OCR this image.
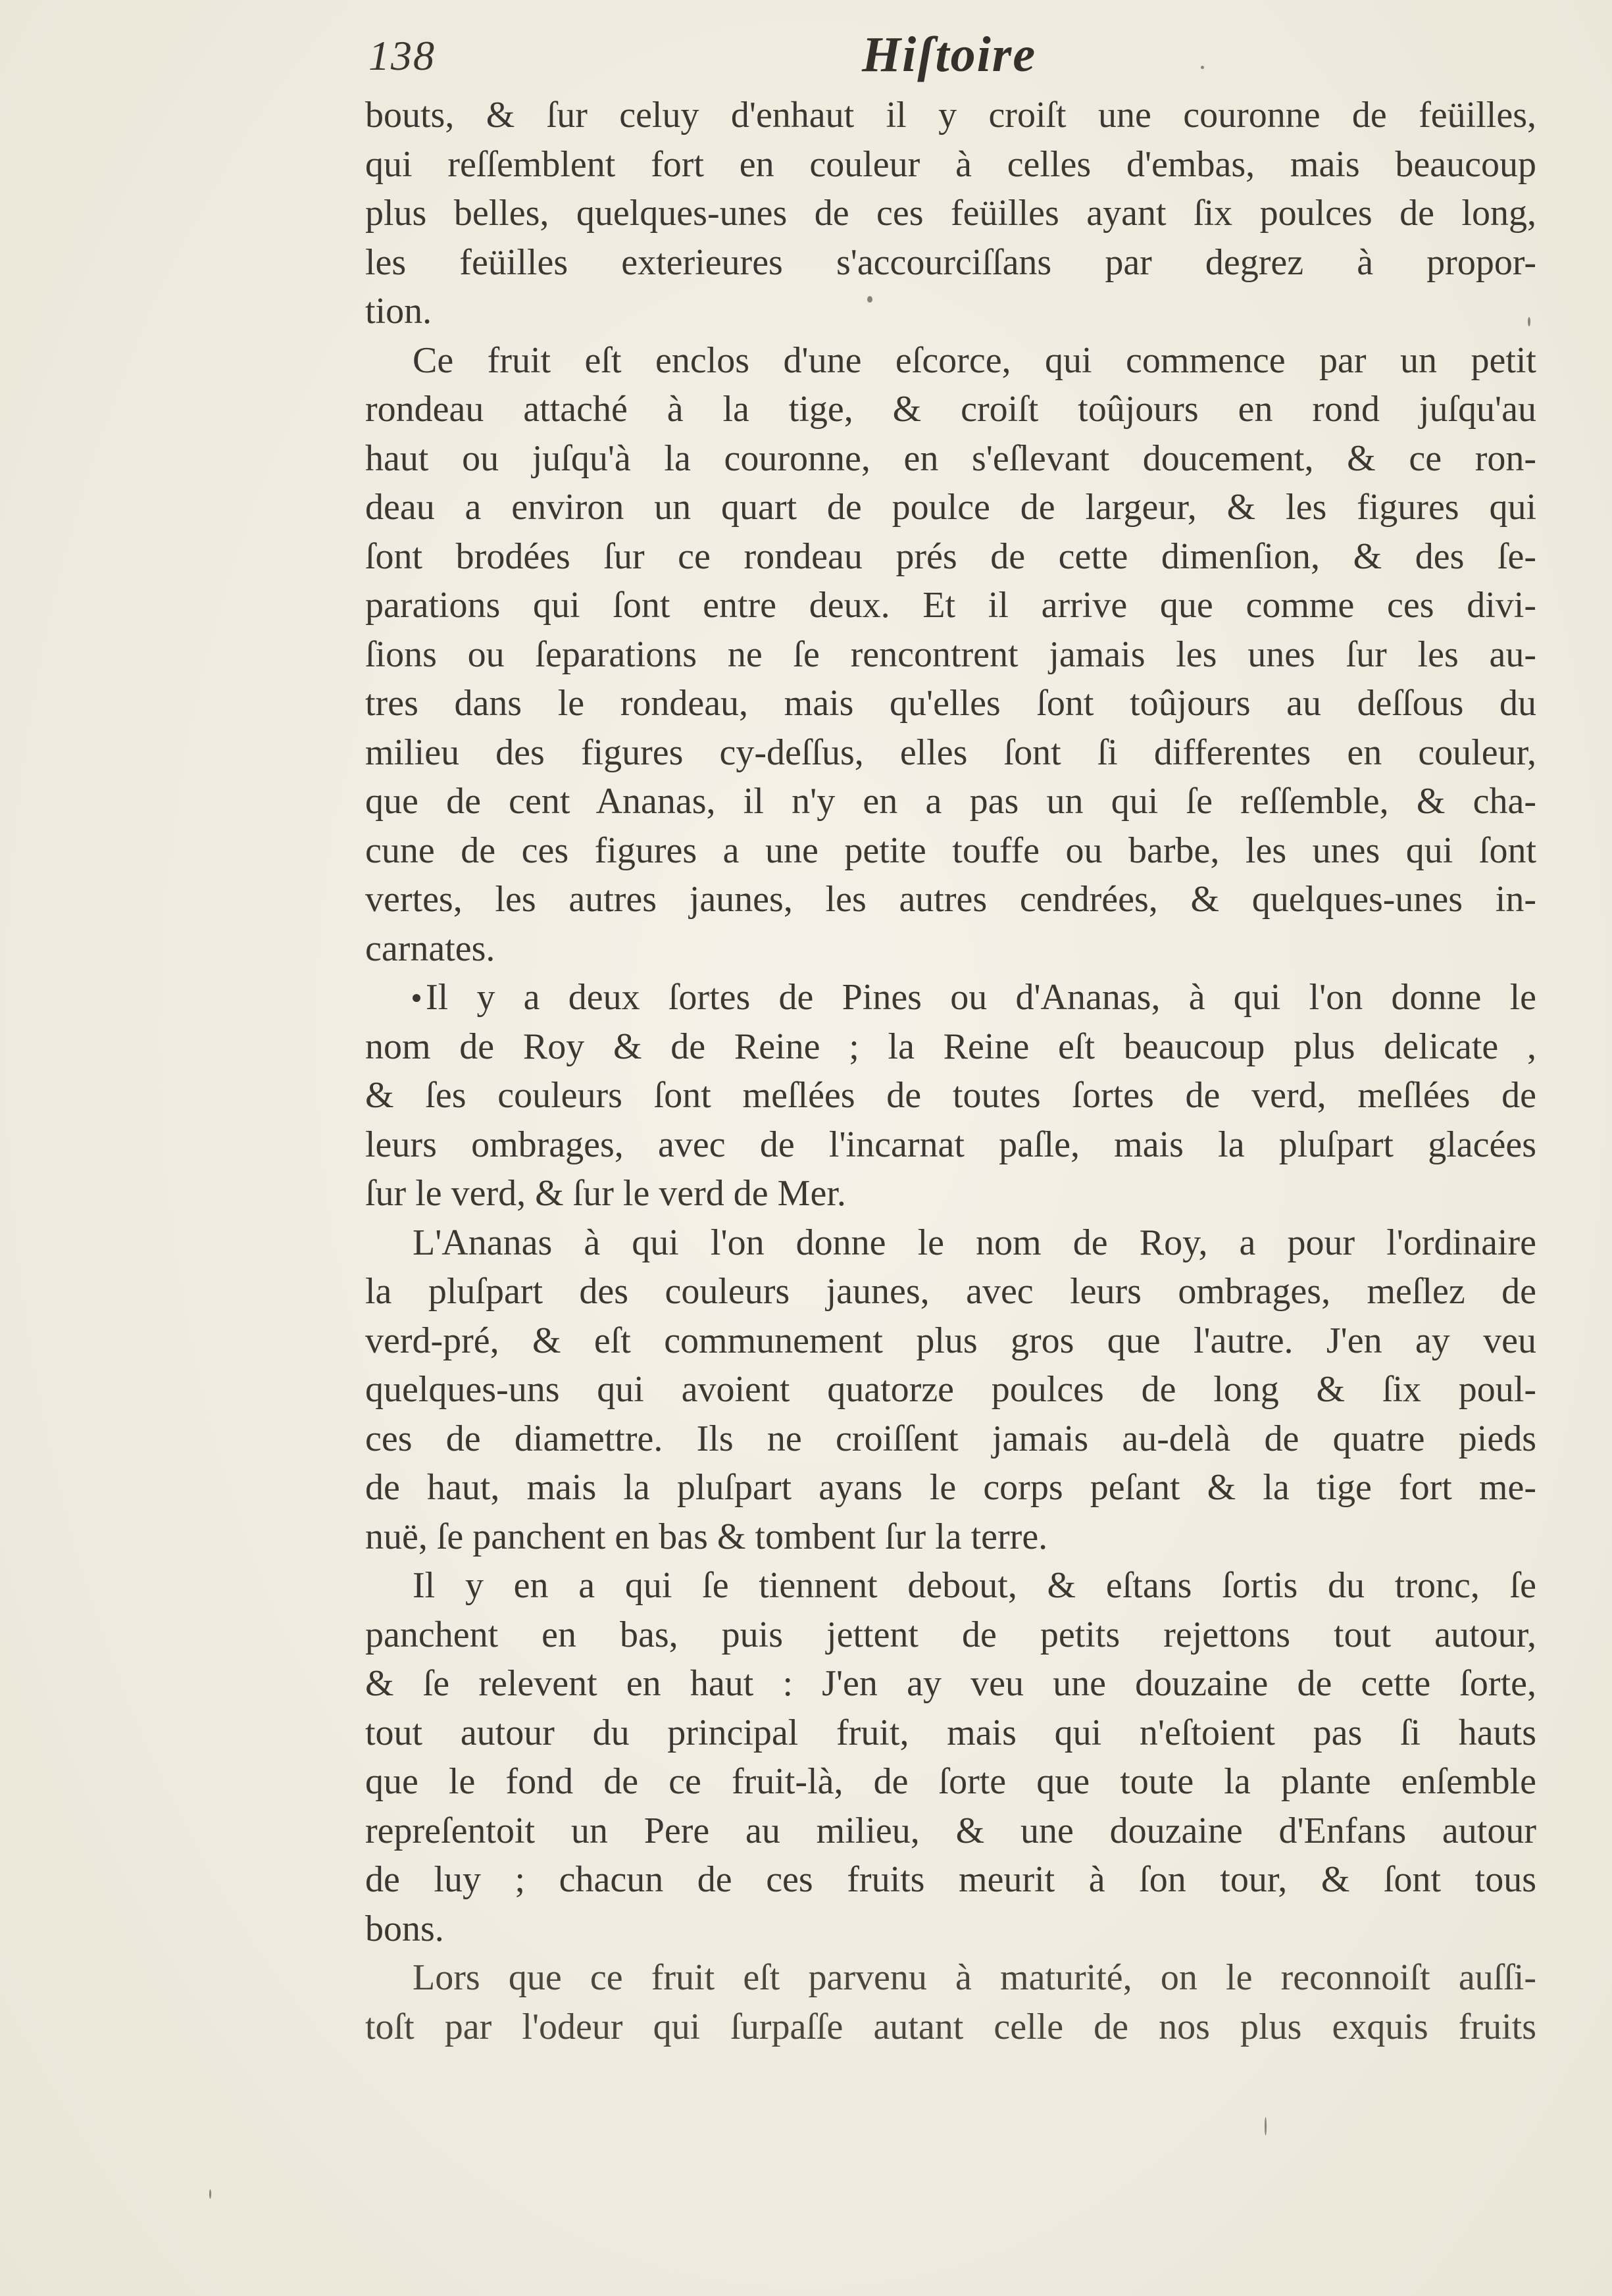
138	Hiſtoire
bouts, & ſur celuy d'enhaut il y croiſt une couronne de feüilles,
qui reſſemblent fort en couleur à celles d'embas, mais beaucoup
plus belles, quelques-unes de ces feüilles ayant ſix poulces de long,
les feüilles exterieures s'accourciſſans par degrez à propor-
tion.
Ce fruit eſt enclos d'une eſcorce, qui commence par un petit
rondeau attaché à la tige, & croiſt toûjours en rond juſqu'au
haut ou juſqu'à la couronne, en s'eſlevant doucement, & ce ron-
deau a environ un quart de poulce de largeur, & les figures qui
ſont brodées ſur ce rondeau prés de cette dimenſion, & des ſe-
parations qui ſont entre deux. Et il arrive que comme ces divi-
ſions ou ſeparations ne ſe rencontrent jamais les unes ſur les au-
tres dans le rondeau, mais qu'elles ſont toûjours au deſſous du
milieu des figures cy-deſſus, elles ſont ſi differentes en couleur,
que de cent Ananas, il n'y en a pas un qui ſe reſſemble, & cha-
cune de ces figures a une petite touffe ou barbe, les unes qui ſont
vertes, les autres jaunes, les autres cendrées, & quelques-unes in-
carnates.
Il y a deux ſortes de Pines ou d'Ananas, à qui l'on donne le
nom de Roy & de Reine ; la Reine eſt beaucoup plus delicate ,
& ſes couleurs ſont meſlées de toutes ſortes de verd, meſlées de
leurs ombrages, avec de l'incarnat paſle, mais la pluſpart glacées
ſur le verd, & ſur le verd de Mer.
L'Ananas à qui l'on donne le nom de Roy, a pour l'ordinaire
la pluſpart des couleurs jaunes, avec leurs ombrages, meſlez de
verd-pré, & eſt communement plus gros que l'autre. J'en ay veu
quelques-uns qui avoient quatorze poulces de long & ſix poul-
ces de diamettre. Ils ne croiſſent jamais au-delà de quatre pieds
de haut, mais la pluſpart ayans le corps peſant & la tige fort me-
nuë, ſe panchent en bas & tombent ſur la terre.
Il y en a qui ſe tiennent debout, & eſtans ſortis du tronc, ſe
panchent en bas, puis jettent de petits rejettons tout autour,
& ſe relevent en haut : J'en ay veu une douzaine de cette ſorte,
tout autour du principal fruit, mais qui n'eſtoient pas ſi hauts
que le fond de ce fruit-là, de ſorte que toute la plante enſemble
repreſentoit un Pere au milieu, & une douzaine d'Enfans autour
de luy ; chacun de ces fruits meurit à ſon tour, & ſont tous
bons.
Lors que ce fruit eſt parvenu à maturité, on le reconnoiſt auſſi-
toſt par l'odeur qui ſurpaſſe autant celle de nos plus exquis fruits
